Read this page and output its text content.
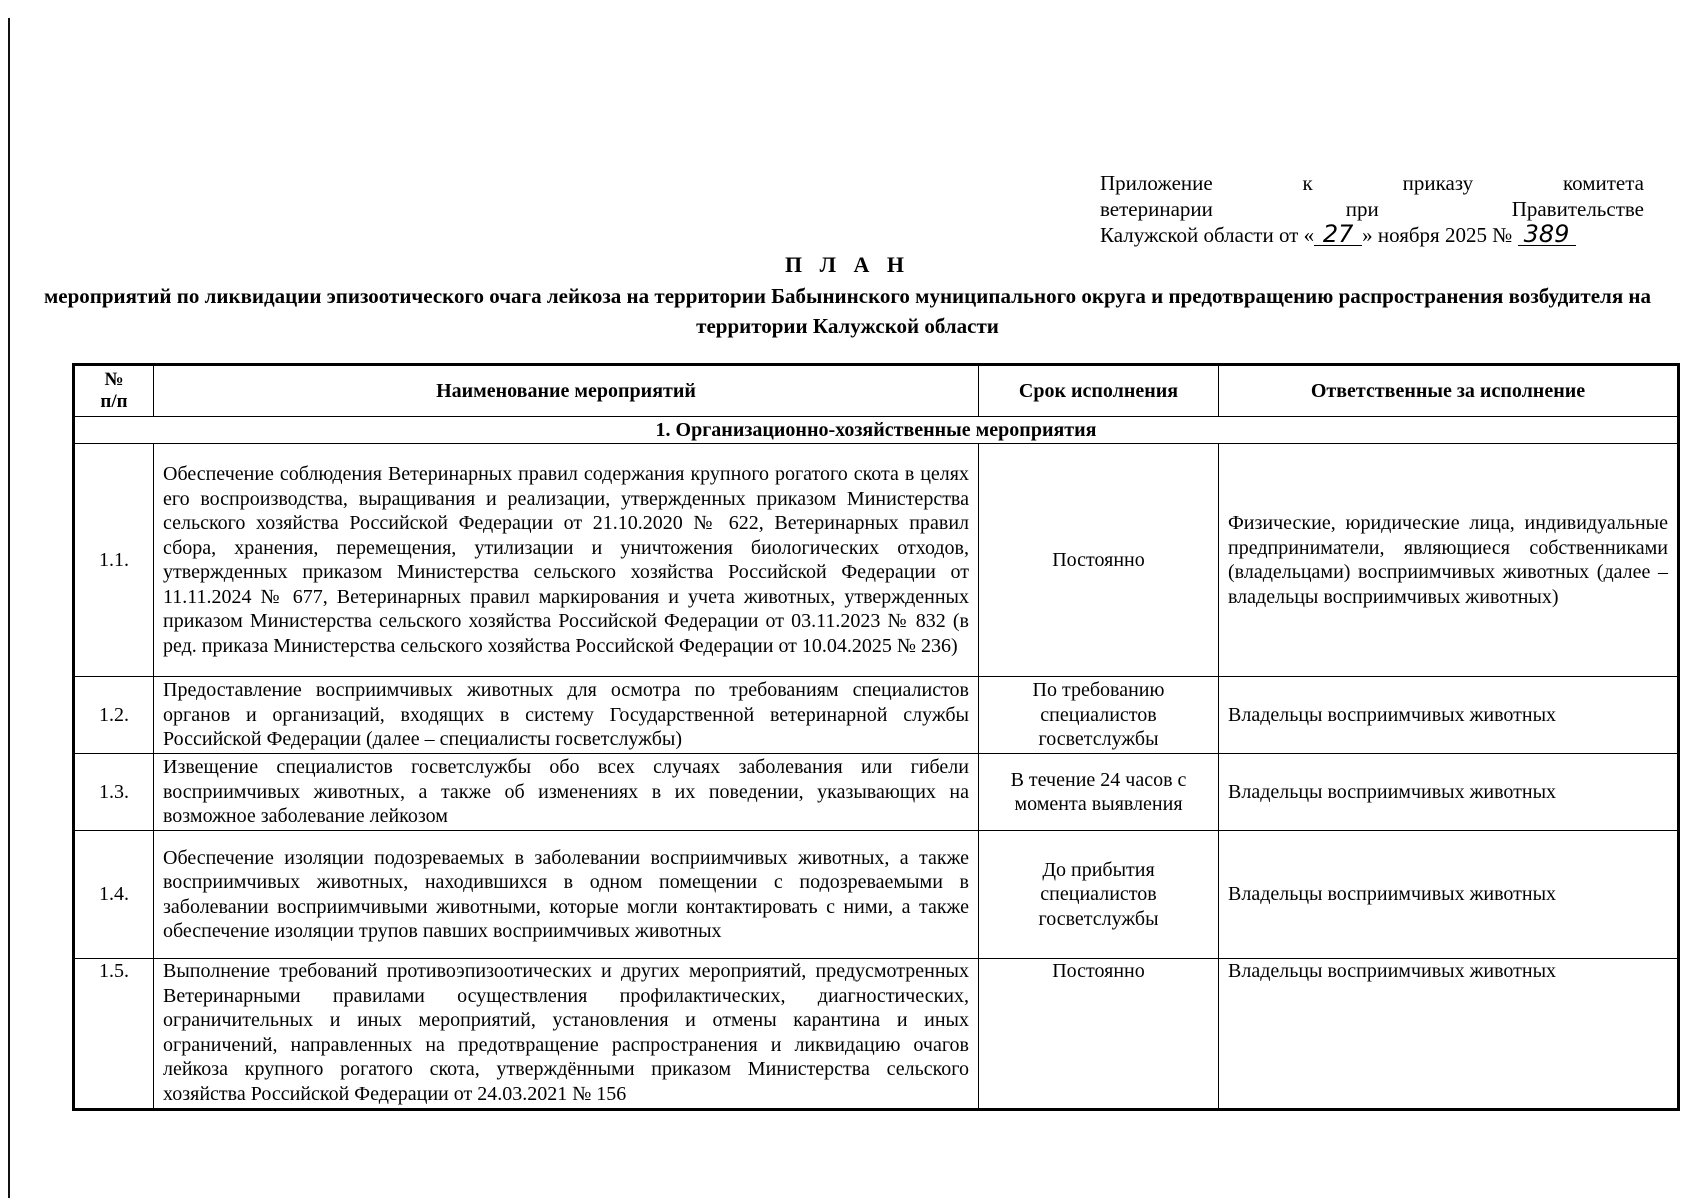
Приложение к приказу комитета
ветеринарии при Правительстве
Калужской области от « 27 » ноября 2025 № 389
П Л А Н
мероприятий по ликвидации эпизоотического очага лейкоза на территории Бабынинского муниципального округа и предотвращению распространения возбудителя на территории Калужской области
№
п/п	Наименование мероприятий	Срок исполнения	Ответственные за исполнение
1. Организационно-хозяйственные мероприятия			
1.1.	Обеспечение соблюдения Ветеринарных правил содержания крупного рогатого скота в целях его воспроизводства, выращивания и реализации, утвержденных приказом Министерства сельского хозяйства Российской Федерации от 21.10.2020 № 622, Ветеринарных правил сбора, хранения, перемещения, утилизации и уничтожения биологических отходов, утвержденных приказом Министерства сельского хозяйства Российской Федерации от 11.11.2024 № 677, Ветеринарных правил маркирования и учета животных, утвержденных приказом Министерства сельского хозяйства Российской Федерации от 03.11.2023 № 832 (в ред. приказа Министерства сельского хозяйства Российской Федерации от 10.04.2025 № 236)	Постоянно	Физические, юридические лица, индивидуальные предприниматели, являющиеся собственниками (владельцами) восприимчивых животных (далее – владельцы восприимчивых животных)
1.2.	Предоставление восприимчивых животных для осмотра по требованиям специалистов органов и организаций, входящих в систему Государственной ветеринарной службы Российской Федерации (далее – специалисты госветслужбы)	По требованию специалистов госветслужбы	Владельцы восприимчивых животных
1.3.	Извещение специалистов госветслужбы обо всех случаях заболевания или гибели восприимчивых животных, а также об изменениях в их поведении, указывающих на возможное заболевание лейкозом	В течение 24 часов с момента выявления	Владельцы восприимчивых животных
1.4.	Обеспечение изоляции подозреваемых в заболевании восприимчивых животных, а также восприимчивых животных, находившихся в одном помещении с подозреваемыми в заболевании восприимчивыми животными, которые могли контактировать с ними, а также обеспечение изоляции трупов павших восприимчивых животных	До прибытия специалистов госветслужбы	Владельцы восприимчивых животных
1.5.	Выполнение требований противоэпизоотических и других мероприятий, предусмотренных Ветеринарными правилами осуществления профилактических, диагностических, ограничительных и иных мероприятий, установления и отмены карантина и иных ограничений, направленных на предотвращение распространения и ликвидацию очагов лейкоза крупного рогатого скота, утверждёнными приказом Министерства сельского хозяйства Российской Федерации от 24.03.2021 № 156	Постоянно	Владельцы восприимчивых животных
